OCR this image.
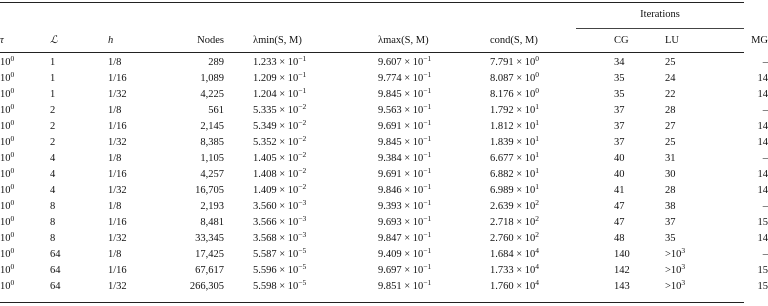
Iterations
τ	ℒ	h	Nodes	λmin(S, M)	λmax(S, M)	cond(S, M)	CG	LU	MG
$10^0$	1	1/8	289	$1.233 \times 10^{-1}$	$9.607 \times 10^{-1}$	$7.791 \times 10^0$	34	25	–
$10^0$	1	1/16	1,089	$1.209 \times 10^{-1}$	$9.774 \times 10^{-1}$	$8.087 \times 10^0$	35	24	14
$10^0$	1	1/32	4,225	$1.204 \times 10^{-1}$	$9.845 \times 10^{-1}$	$8.176 \times 10^0$	35	22	14
$10^0$	2	1/8	561	$5.335 \times 10^{-2}$	$9.563 \times 10^{-1}$	$1.792 \times 10^1$	37	28	–
$10^0$	2	1/16	2,145	$5.349 \times 10^{-2}$	$9.691 \times 10^{-1}$	$1.812 \times 10^1$	37	27	14
$10^0$	2	1/32	8,385	$5.352 \times 10^{-2}$	$9.845 \times 10^{-1}$	$1.839 \times 10^1$	37	25	14
$10^0$	4	1/8	1,105	$1.405 \times 10^{-2}$	$9.384 \times 10^{-1}$	$6.677 \times 10^1$	40	31	–
$10^0$	4	1/16	4,257	$1.408 \times 10^{-2}$	$9.691 \times 10^{-1}$	$6.882 \times 10^1$	40	30	14
$10^0$	4	1/32	16,705	$1.409 \times 10^{-2}$	$9.846 \times 10^{-1}$	$6.989 \times 10^1$	41	28	14
$10^0$	8	1/8	2,193	$3.560 \times 10^{-3}$	$9.393 \times 10^{-1}$	$2.639 \times 10^2$	47	38	–
$10^0$	8	1/16	8,481	$3.566 \times 10^{-3}$	$9.693 \times 10^{-1}$	$2.718 \times 10^2$	47	37	15
$10^0$	8	1/32	33,345	$3.568 \times 10^{-3}$	$9.847 \times 10^{-1}$	$2.760 \times 10^2$	48	35	14
$10^0$	64	1/8	17,425	$5.587 \times 10^{-5}$	$9.409 \times 10^{-1}$	$1.684 \times 10^4$	140	$>10^3$	–
$10^0$	64	1/16	67,617	$5.596 \times 10^{-5}$	$9.697 \times 10^{-1}$	$1.733 \times 10^4$	142	$>10^3$	15
$10^0$	64	1/32	266,305	$5.598 \times 10^{-5}$	$9.851 \times 10^{-1}$	$1.760 \times 10^4$	143	$>10^3$	15
